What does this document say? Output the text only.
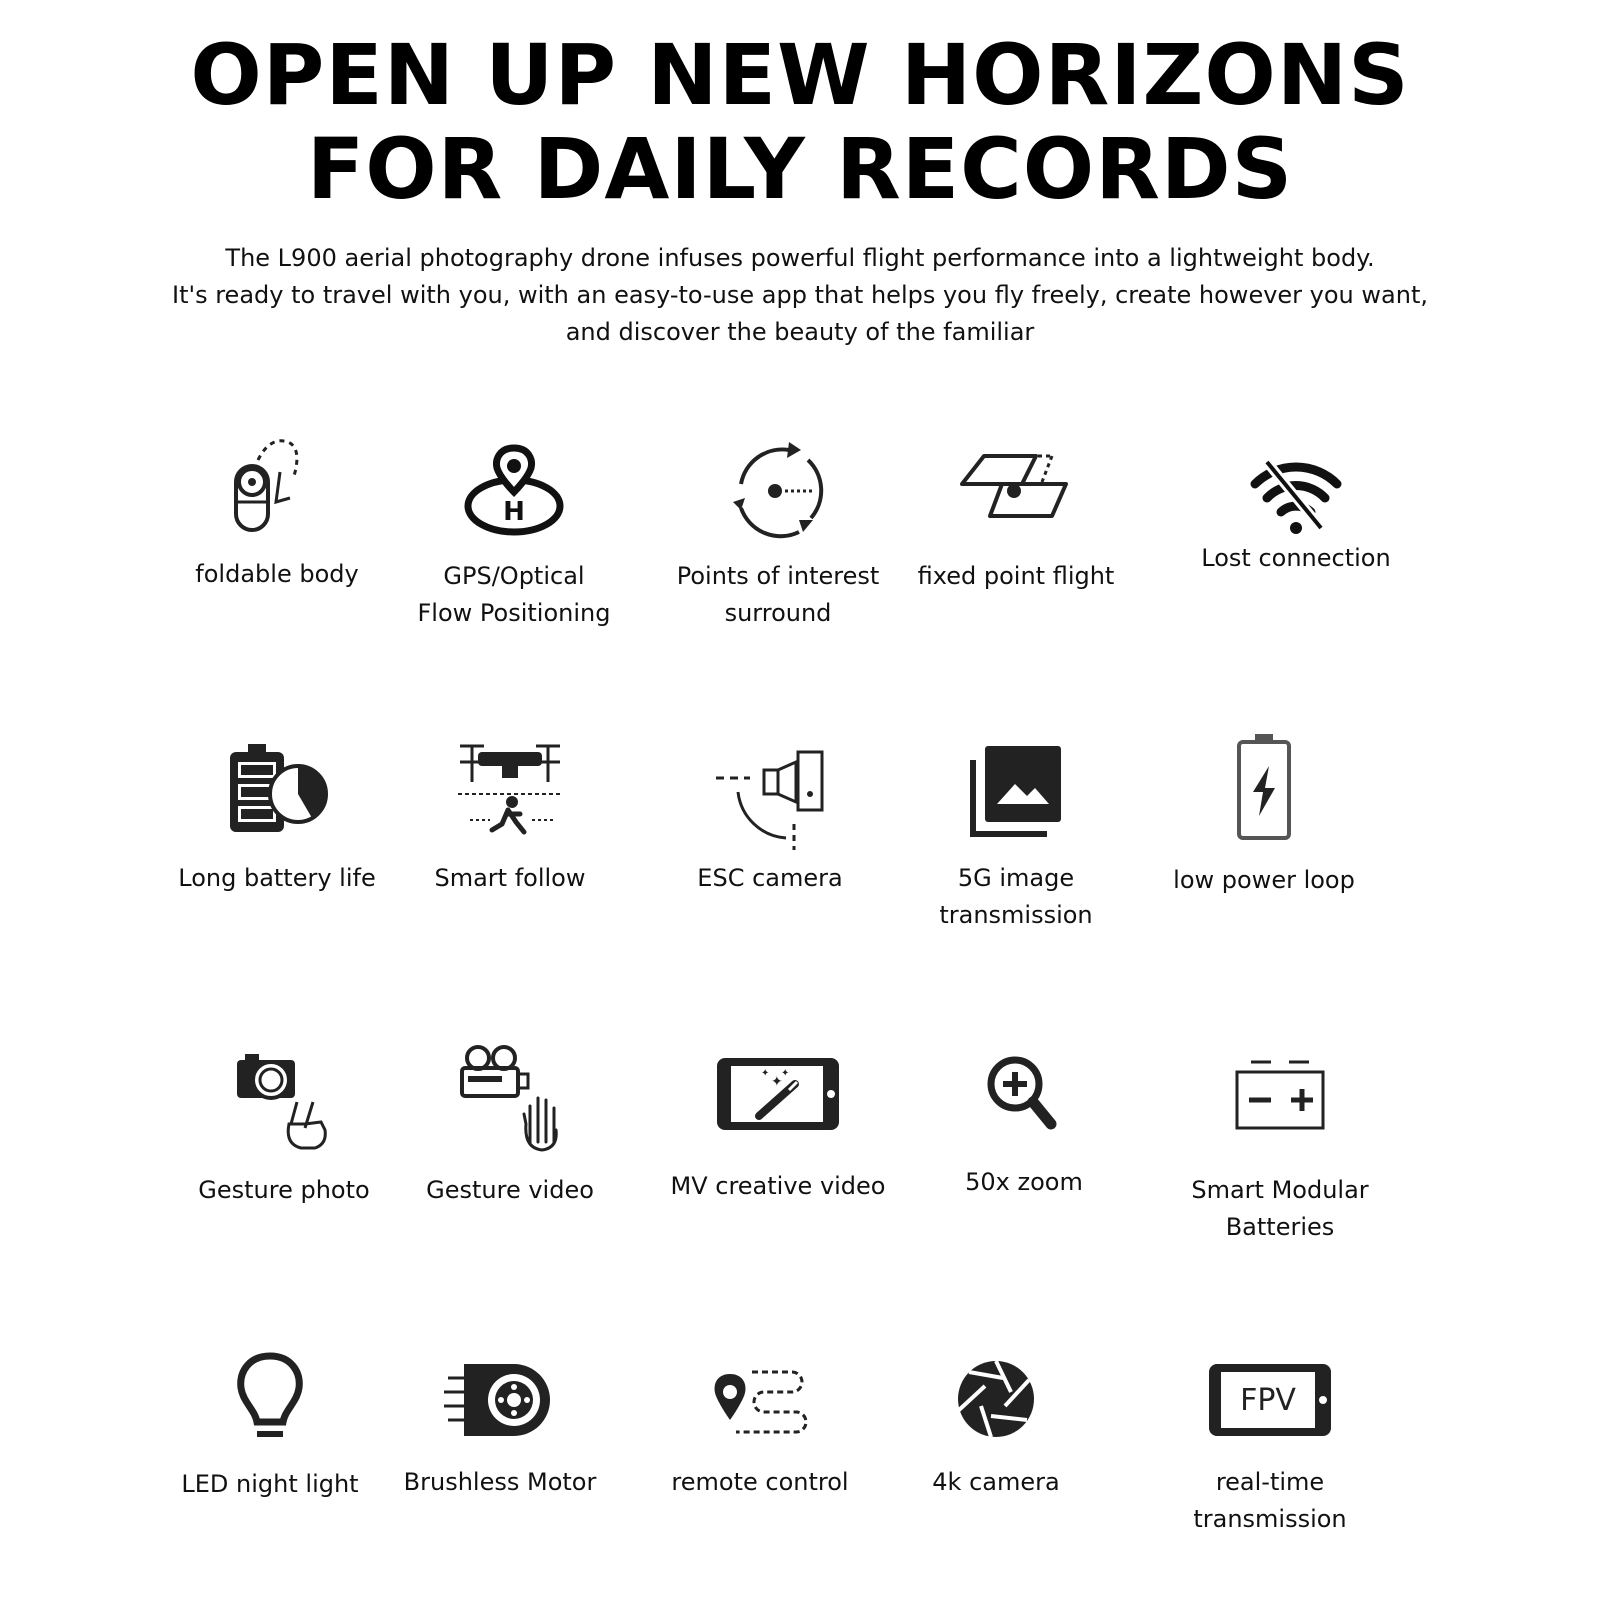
OPEN UP NEW HORIZONS
FOR DAILY RECORDS
The L900 aerial photography drone infuses powerful flight performance into a lightweight body.
It's ready to travel with you, with an easy-to-use app that helps you fly freely, create however you want,
and discover the beauty of the familiar
foldable body
H
GPS/Optical
Flow Positioning
Points of interest
surround
fixed point flight
Lost connection
Long battery life	Smart follow	ESC camera	5G image
transmission
low power loop
Gesture photo	Gesture video
✦
✦
✦
MV creative video	50x zoom	Smart Modular
Batteries
LED night light	Brushless Motor	remote control	4k camera
FPV
real-time
transmission
